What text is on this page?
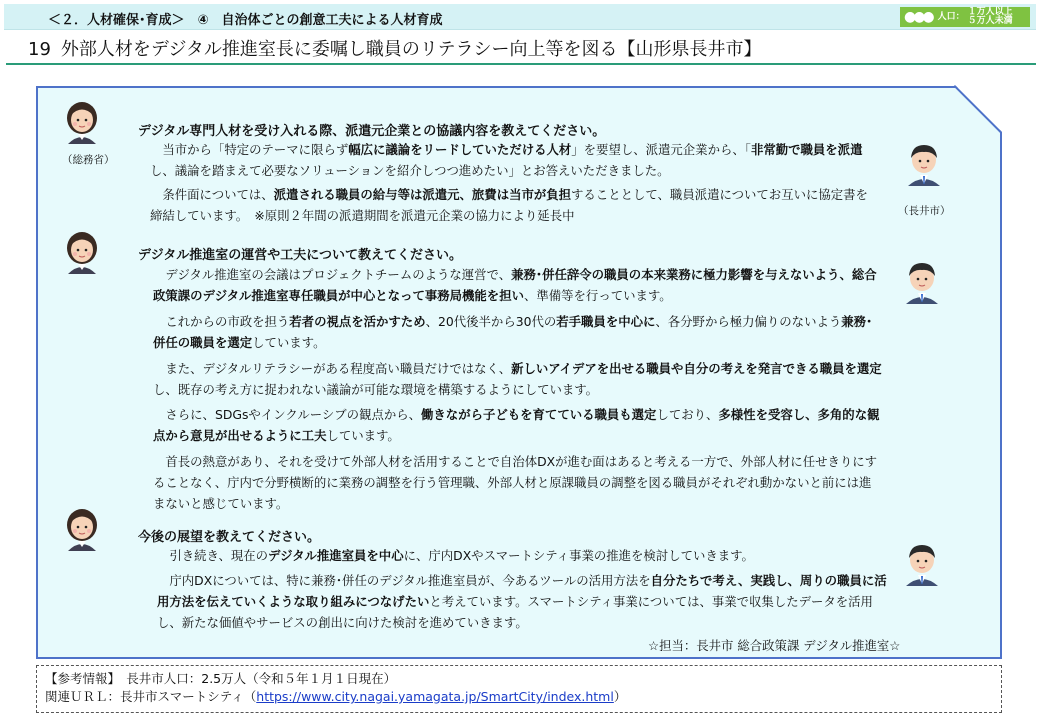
＜２．人材確保･育成＞　④　自治体ごとの創意工夫による人材育成	●●● 人口： １万人以上
５万人未満
19 外部人材をデジタル推進室長に委嘱し職員のリテラシー向上等を図る【山形県長井市】
（総務省）
（長井市）
デジタル専門人材を受け入れる際、派遣元企業との協議内容を教えてください。
　当市から「特定のテーマに限らず幅広に議論をリードしていただける人材」を要望し、派遣元企業から、「非常勤で職員を派遣し、議論を踏まえて必要なソリューションを紹介しつつ進めたい」とお答えいただきました。
　条件面については、派遣される職員の給与等は派遣元、旅費は当市が負担することとして、職員派遣についてお互いに協定書を締結しています。　※原則２年間の派遣期間を派遣元企業の協力により延長中
デジタル推進室の運営や工夫について教えてください。
　デジタル推進室の会議はプロジェクトチームのような運営で、兼務･併任辞令の職員の本来業務に極力影響を与えないよう、総合政策課のデジタル推進室専任職員が中心となって事務局機能を担い、準備等を行っています。
　これからの市政を担う若者の視点を活かすため、20代後半から30代の若手職員を中心に、各分野から極力偏りのないよう兼務･併任の職員を選定しています。
　また、デジタルリテラシーがある程度高い職員だけではなく、新しいアイデアを出せる職員や自分の考えを発言できる職員を選定し、既存の考え方に捉われない議論が可能な環境を構築するようにしています。
　さらに、SDGsやインクルーシブの観点から、働きながら子どもを育てている職員も選定しており、多様性を受容し、多角的な観点から意見が出せるように工夫しています。
　首長の熱意があり、それを受けて外部人材を活用することで自治体DXが進む面はあると考える一方で、外部人材に任せきりにすることなく、庁内で分野横断的に業務の調整を行う管理職、外部人材と原課職員の調整を図る職員がそれぞれ動かないと前には進まないと感じています。
今後の展望を教えてください。
　引き続き、現在のデジタル推進室員を中心に、庁内DXやスマートシティ事業の推進を検討していきます。
　庁内DXについては、特に兼務･併任のデジタル推進室員が、今あるツールの活用方法を自分たちで考え、実践し、周りの職員に活用方法を伝えていくような取り組みにつなげたいと考えています。スマートシティ事業については、事業で収集したデータを活用し、新たな価値やサービスの創出に向けた検討を進めていきます。
☆担当：長井市 総合政策課 デジタル推進室☆
【参考情報】　長井市人口：2.5万人（令和５年１月１日現在）
関連ＵＲＬ：長井市スマートシティ（https://www.city.nagai.yamagata.jp/SmartCity/index.html）
